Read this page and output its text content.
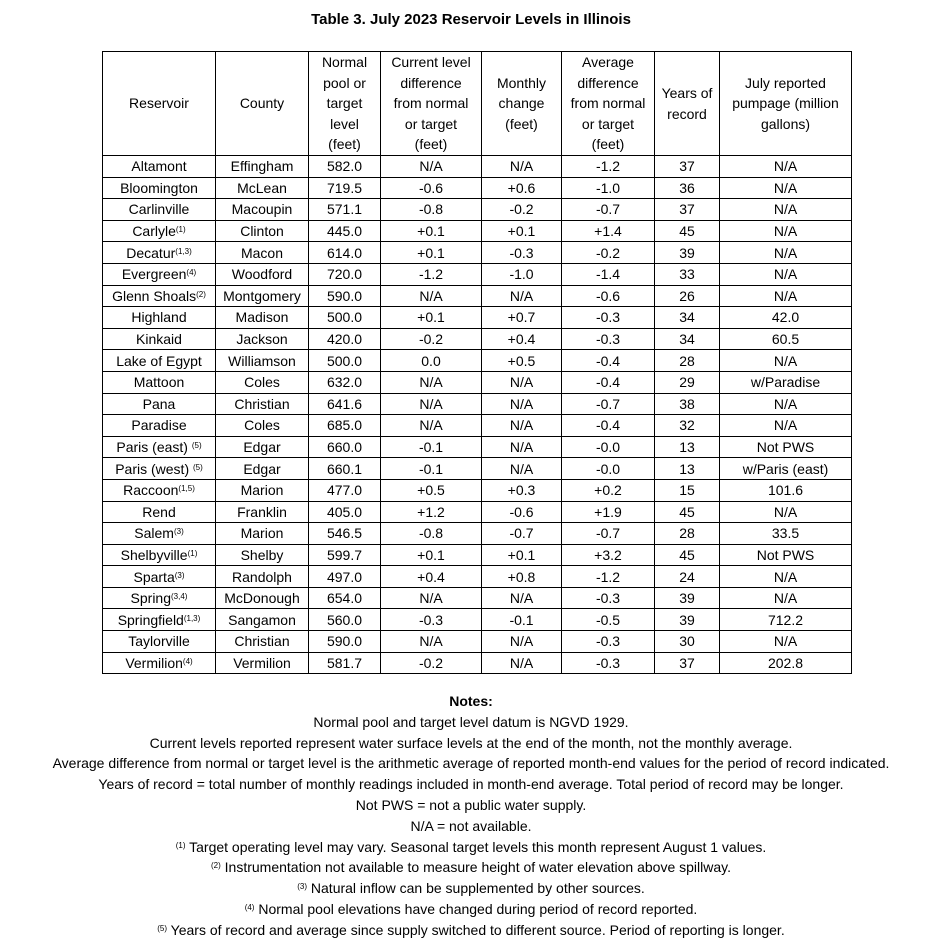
Table 3. July 2023 Reservoir Levels in Illinois
Reservoir	County	Normal
pool or
target
level
(feet)	Current level
difference
from normal
or target
(feet)	Monthly
change
(feet)	Average
difference
from normal
or target
(feet)	Years of
record	July reported
pumpage (million
gallons)
Altamont	Effingham	582.0	N/A	N/A	-1.2	37	N/A
Bloomington	McLean	719.5	-0.6	+0.6	-1.0	36	N/A
Carlinville	Macoupin	571.1	-0.8	-0.2	-0.7	37	N/A
Carlyle$^{(1)}$	Clinton	445.0	+0.1	+0.1	+1.4	45	N/A
Decatur$^{(1,3)}$	Macon	614.0	+0.1	-0.3	-0.2	39	N/A
Evergreen$^{(4)}$	Woodford	720.0	-1.2	-1.0	-1.4	33	N/A
Glenn Shoals$^{(2)}$	Montgomery	590.0	N/A	N/A	-0.6	26	N/A
Highland	Madison	500.0	+0.1	+0.7	-0.3	34	42.0
Kinkaid	Jackson	420.0	-0.2	+0.4	-0.3	34	60.5
Lake of Egypt	Williamson	500.0	0.0	+0.5	-0.4	28	N/A
Mattoon	Coles	632.0	N/A	N/A	-0.4	29	w/Paradise
Pana	Christian	641.6	N/A	N/A	-0.7	38	N/A
Paradise	Coles	685.0	N/A	N/A	-0.4	32	N/A
Paris (east) $^{(5)}$	Edgar	660.0	-0.1	N/A	-0.0	13	Not PWS
Paris (west) $^{(5)}$	Edgar	660.1	-0.1	N/A	-0.0	13	w/Paris (east)
Raccoon$^{(1,5)}$	Marion	477.0	+0.5	+0.3	+0.2	15	101.6
Rend	Franklin	405.0	+1.2	-0.6	+1.9	45	N/A
Salem$^{(3)}$	Marion	546.5	-0.8	-0.7	-0.7	28	33.5
Shelbyville$^{(1)}$	Shelby	599.7	+0.1	+0.1	+3.2	45	Not PWS
Sparta$^{(3)}$	Randolph	497.0	+0.4	+0.8	-1.2	24	N/A
Spring$^{(3,4)}$	McDonough	654.0	N/A	N/A	-0.3	39	N/A
Springfield$^{(1,3)}$	Sangamon	560.0	-0.3	-0.1	-0.5	39	712.2
Taylorville	Christian	590.0	N/A	N/A	-0.3	30	N/A
Vermilion$^{(4)}$	Vermilion	581.7	-0.2	N/A	-0.3	37	202.8
Notes:
Normal pool and target level datum is NGVD 1929.
Current levels reported represent water surface levels at the end of the month, not the monthly average.
Average difference from normal or target level is the arithmetic average of reported month-end values for the period of record indicated.
Years of record = total number of monthly readings included in month-end average. Total period of record may be longer.
Not PWS = not a public water supply.
N/A = not available.
$^{(1)}$ Target operating level may vary. Seasonal target levels this month represent August 1 values.
$^{(2)}$ Instrumentation not available to measure height of water elevation above spillway.
$^{(3)}$ Natural inflow can be supplemented by other sources.
$^{(4)}$ Normal pool elevations have changed during period of record reported.
$^{(5)}$ Years of record and average since supply switched to different source. Period of reporting is longer.
